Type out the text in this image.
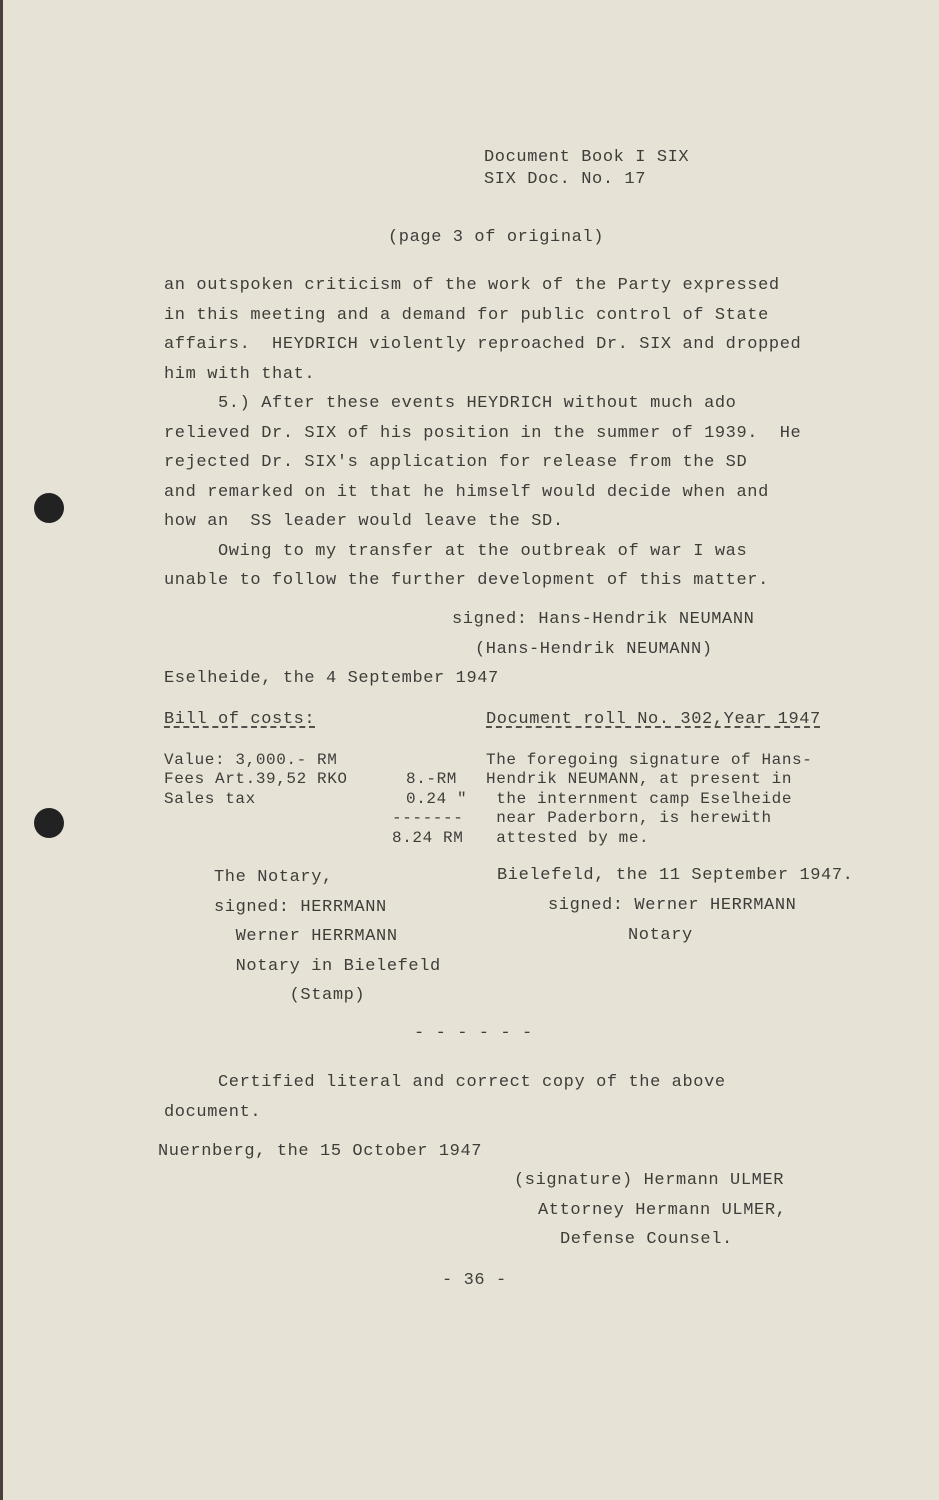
Document Book I SIX
SIX Doc. No. 17
(page 3 of original)
an outspoken criticism of the work of the Party expressed
in this meeting and a demand for public control of State
affairs.  HEYDRICH violently reproached Dr. SIX and dropped
him with that.
5.) After these events HEYDRICH without much ado
relieved Dr. SIX of his position in the summer of 1939.  He
rejected Dr. SIX's application for release from the SD
and remarked on it that he himself would decide when and
how an  SS leader would leave the SD.
Owing to my transfer at the outbreak of war I was
unable to follow the further development of this matter.
signed: Hans-Hendrik NEUMANN
(Hans-Hendrik NEUMANN)
Eselheide, the 4 September 1947
Bill of costs:
Value: 3,000.- RM
Fees Art.39,52 RKO	8.-RM
Sales tax	0.24 "
-------
8.24 RM
Document roll No. 302,Year 1947
The foregoing signature of Hans-
Hendrik NEUMANN, at present in
the internment camp Eselheide
near Paderborn, is herewith
attested by me.
The Notary,
signed: HERRMANN
Werner HERRMANN
Notary in Bielefeld
(Stamp)
Bielefeld, the 11 September 1947.
signed: Werner HERRMANN
Notary
- - - - - -
Certified literal and correct copy of the above
document.
Nuernberg, the 15 October 1947
(signature) Hermann ULMER
Attorney Hermann ULMER,
Defense Counsel.
- 36 -
